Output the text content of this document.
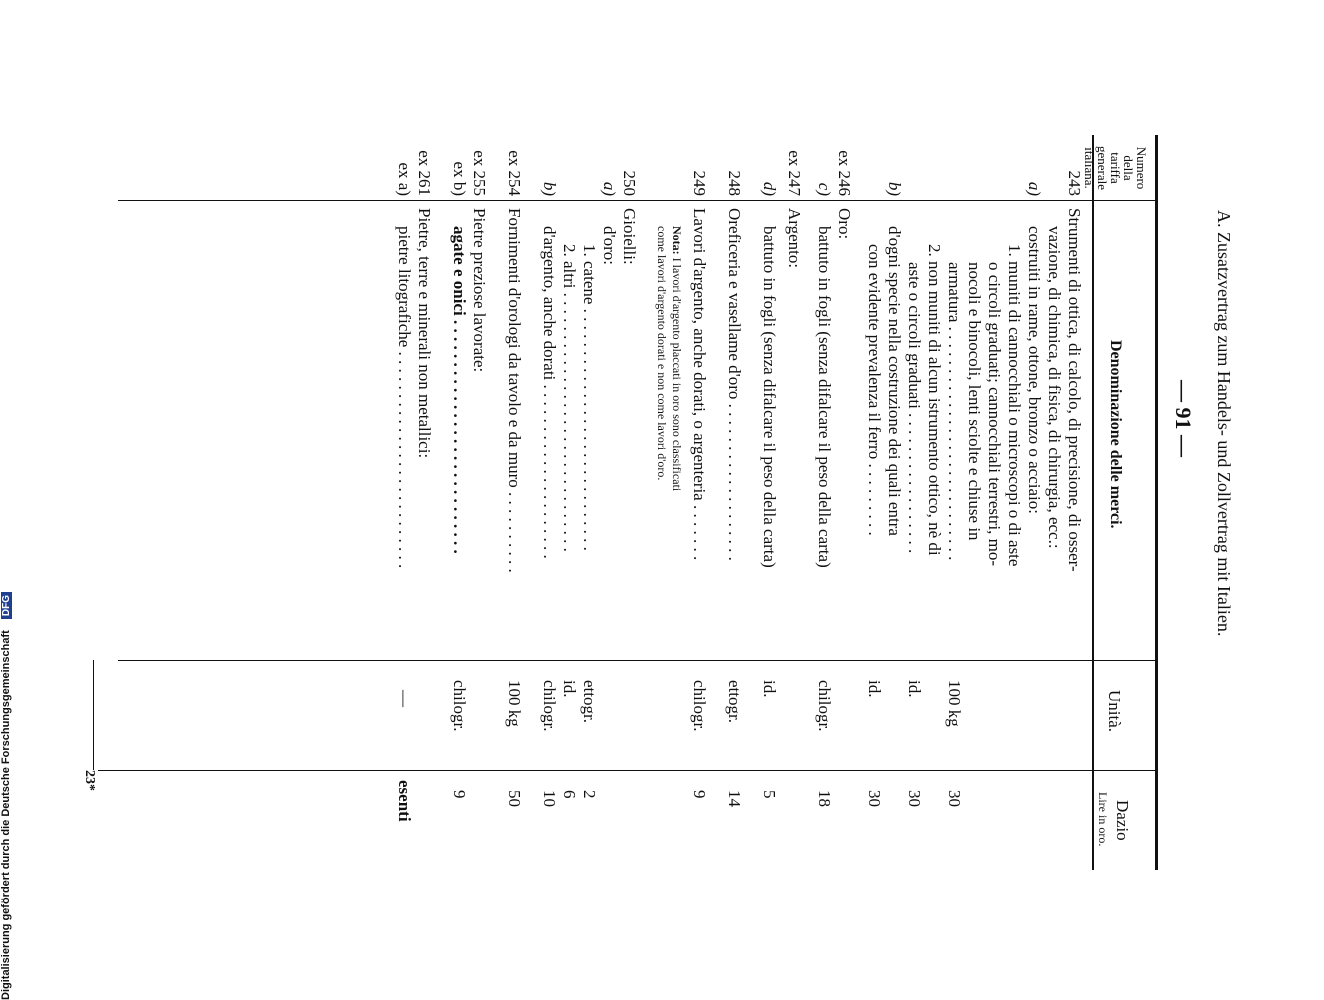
A. Zusatzvertrag zum Handels- und Zollvertrag mit Italien.
— 91 —
Numero della tariffa generale italiana.
Denominazione delle merci.
Unità.
Dazio
Lire in oro.
243
Strumenti di ottica, di calcolo, di precisione, di osser-
vazione, di chimica, di fisica, di chirurgia, ecc.:
a)
costruiti in rame, ottone, bronzo o acciaio:
1. muniti di cannocchiali o microscopi o di aste
o circoli graduati; cannocchiali terrestri, mo-
nocoli e binocoli, lenti sciolte e chiuse in
armatura . . . . . . . . . . . . . . . . . . . . . . . . . . . .
100 kg
30
2. non muniti di alcun istrumento ottico, nè di
aste o circoli graduati . . . . . . . . . . . . . . . . .
id.
30
b)
d'ogni specie nella costruzione dei quali entra
con evidente prevalenza il ferro . . . . . . . . .
id.
30
ex 246
Oro:
c)
battuto in fogli (senza difalcare il peso della carta)
chilogr.
18
ex 247
Argento:
d)
battuto in fogli (senza difalcare il peso della carta)
id.
5
248
Oreficeria e vasellame d'oro . . . . . . . . . . . . . . . . . . .
ettogr.
14
249
Lavori d'argento, anche dorati, o argenteria . . . . . . .
chilogr.
9
Nota: I lavori d'argento placcati in oro sono classificati
come lavori d'argento dorati e non come lavori d'oro.
250
Gioielli:
a)
d'oro:
1. catene . . . . . . . . . . . . . . . . . . . . . . . . . . . . .
ettogr.
2
2. altri . . . . . . . . . . . . . . . . . . . . . . . . . . . . . . .
id.
6
b)
d'argento, anche dorati . . . . . . . . . . . . . . . . . . . . .
chilogr.
10
ex 254
Fornimenti d'orologi da tavolo e da muro . . . . . . . . . .
100 kg
50
ex 255
Pietre preziose lavorate:
ex b)
agate e onici . . . . . . . . . . . . . . . . . . . . . . . . . . . .
chilogr.
9
ex 261
Pietre, terre e minerali non metallici:
ex a)
pietre litografiche . . . . . . . . . . . . . . . . . . . . . . . . . .
—
esenti
23*
Digitalisierung gefördert durch die Deutsche Forschungsgemeinschaft DFG
